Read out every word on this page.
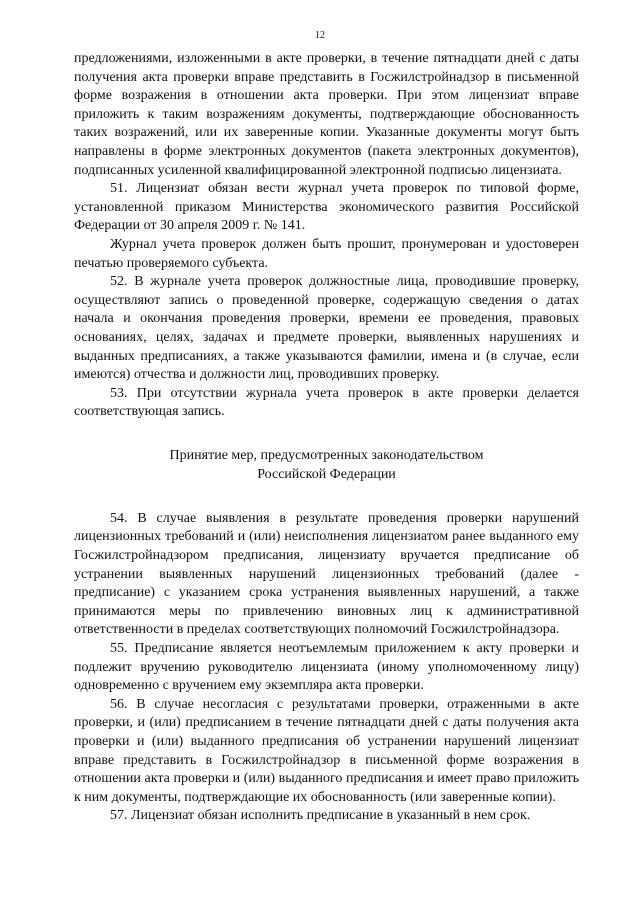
12

предложениями, изложенными в акте проверки, в течение пятнадцати дней с даты получения акта проверки вправе представить в Госжилстройнадзор в письменной форме возражения в отношении акта проверки. При этом лицензиат вправе приложить к таким возражениям документы, подтверждающие обоснованность таких возражений, или их заверенные копии. Указанные документы могут быть направлены в форме электронных документов (пакета электронных документов), подписанных усиленной квалифицированной электронной подписью лицензиата.

51. Лицензиат обязан вести журнал учета проверок по типовой форме, установленной приказом Министерства экономического развития Российской Федерации от 30 апреля 2009 г. № 141.

Журнал учета проверок должен быть прошит, пронумерован и удостоверен печатью проверяемого субъекта.

52. В журнале учета проверок должностные лица, проводившие проверку, осуществляют запись о проведенной проверке, содержащую сведения о датах начала и окончания проведения проверки, времени ее проведения, правовых основаниях, целях, задачах и предмете проверки, выявленных нарушениях и выданных предписаниях, а также указываются фамилии, имена и (в случае, если имеются) отчества и должности лиц, проводивших проверку.

53. При отсутствии журнала учета проверок в акте проверки делается соответствующая запись.

Принятие мер, предусмотренных законодательством
Российской Федерации

54. В случае выявления в результате проведения проверки нарушений лицензионных требований и (или) неисполнения лицензиатом ранее выданного ему Госжилстройнадзором предписания, лицензиату вручается предписание об устранении выявленных нарушений лицензионных требований (далее - предписание) с указанием срока устранения выявленных нарушений, а также принимаются меры по привлечению виновных лиц к административной ответственности в пределах соответствующих полномочий Госжилстройнадзора.

55. Предписание является неотъемлемым приложением к акту проверки и подлежит вручению руководителю лицензиата (иному уполномоченному лицу) одновременно с вручением ему экземпляра акта проверки.

56. В случае несогласия с результатами проверки, отраженными в акте проверки, и (или) предписанием в течение пятнадцати дней с даты получения акта проверки и (или) выданного предписания об устранении нарушений лицензиат вправе представить в Госжилстройнадзор в письменной форме возражения в отношении акта проверки и (или) выданного предписания и имеет право приложить к ним документы, подтверждающие их обоснованность (или заверенные копии).

57. Лицензиат обязан исполнить предписание в указанный в нем срок.
